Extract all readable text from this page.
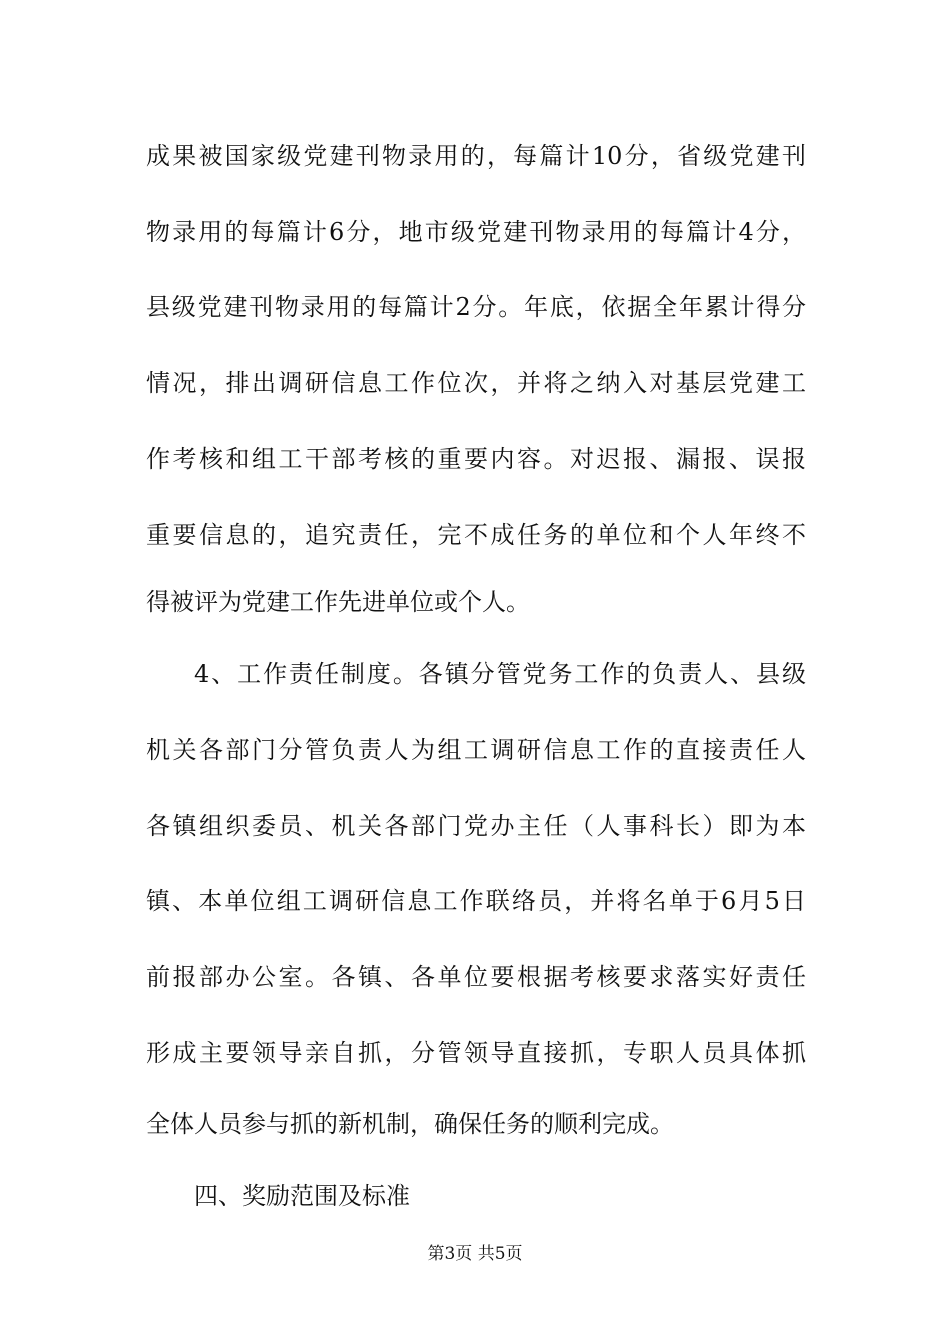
成果被国家级党建刊物录用的，每篇计10分，省级党建刊
物录用的每篇计6分，地市级党建刊物录用的每篇计4分，
县级党建刊物录用的每篇计2分。年底，依据全年累计得分
情况，排出调研信息工作位次，并将之纳入对基层党建工
作考核和组工干部考核的重要内容。对迟报、漏报、误报
重要信息的，追究责任，完不成任务的单位和个人年终不
得被评为党建工作先进单位或个人。
4、工作责任制度。各镇分管党务工作的负责人、县级
机关各部门分管负责人为组工调研信息工作的直接责任人
各镇组织委员、机关各部门党办主任（人事科长）即为本
镇、本单位组工调研信息工作联络员，并将名单于6月5日
前报部办公室。各镇、各单位要根据考核要求落实好责任
形成主要领导亲自抓，分管领导直接抓，专职人员具体抓
全体人员参与抓的新机制，确保任务的顺利完成。
四、奖励范围及标准
第3页 共5页
